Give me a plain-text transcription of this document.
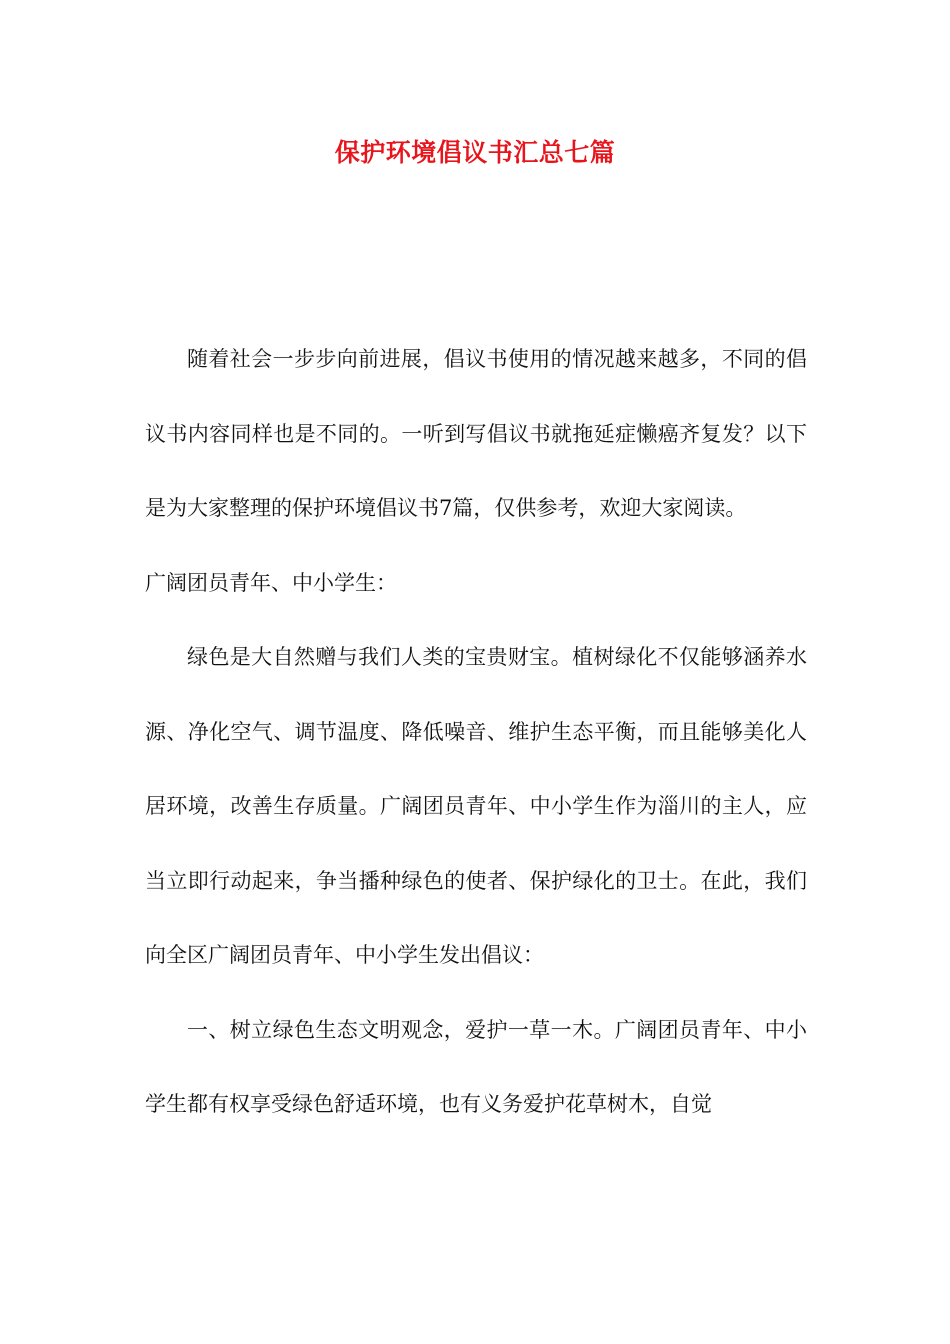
保护环境倡议书汇总七篇

随着社会一步步向前进展，倡议书使用的情况越来越多，不同的倡议书内容同样也是不同的。一听到写倡议书就拖延症懒癌齐复发？以下是为大家整理的保护环境倡议书7篇，仅供参考，欢迎大家阅读。

广阔团员青年、中小学生：

绿色是大自然赠与我们人类的宝贵财宝。植树绿化不仅能够涵养水源、净化空气、调节温度、降低噪音、维护生态平衡，而且能够美化人居环境，改善生存质量。广阔团员青年、中小学生作为淄川的主人，应当立即行动起来，争当播种绿色的使者、保护绿化的卫士。在此，我们向全区广阔团员青年、中小学生发出倡议：

一、树立绿色生态文明观念，爱护一草一木。广阔团员青年、中小学生都有权享受绿色舒适环境，也有义务爱护花草树木，自觉
